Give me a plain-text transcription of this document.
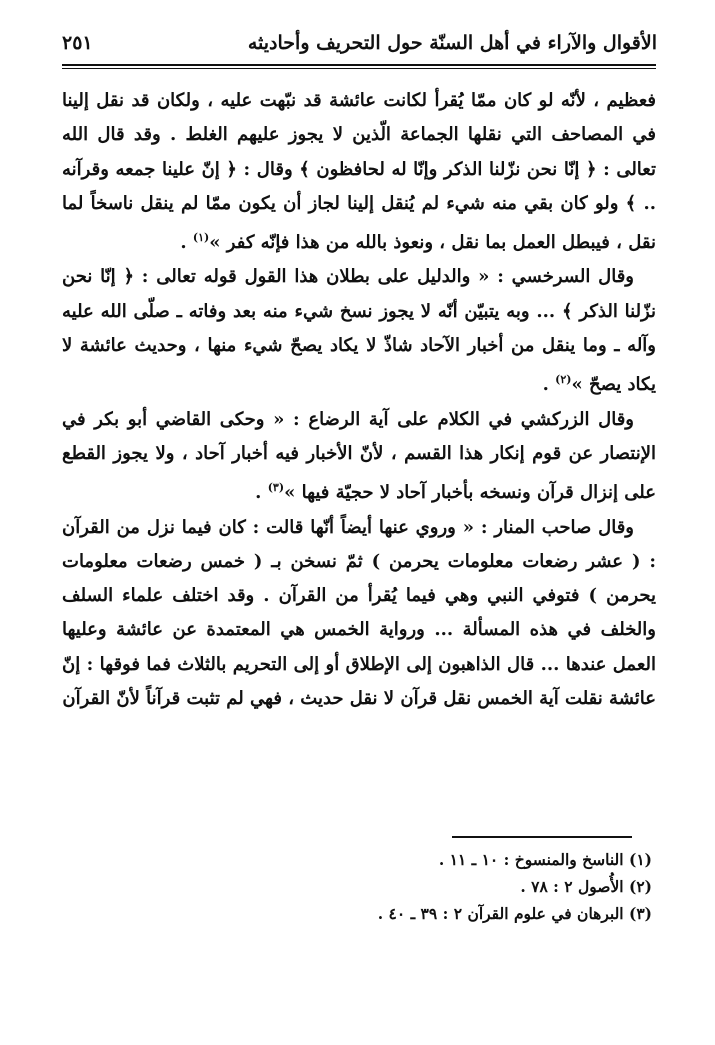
الأقوال والآراء في أهل السنّة حول التحريف وأحاديثه
٢٥١

فعظيم ، لأنّه لو كان ممّا يُقرأ لكانت عائشة قد نبّهت عليه ، ولكان قد نقل إلينا في المصاحف التي نقلها الجماعة الّذين لا يجوز عليهم الغلط . وقد قال الله تعالى : ﴿ إنّا نحن نزّلنا الذكر وإنّا له لحافظون ﴾ وقال : ﴿ إنّ علينا جمعه وقرآنه .. ﴾ ولو كان بقي منه شيء لم يُنقل إلينا لجاز أن يكون ممّا لم ينقل ناسخاً لما نقل ، فيبطل العمل بما نقل ، ونعوذ بالله من هذا فإنّه كفر »$^{(١)}$ .

وقال السرخسي : « والدليل على بطلان هذا القول قوله تعالى : ﴿ إنّا نحن نزّلنا الذكر ﴾ ... وبه يتبيّن أنّه لا يجوز نسخ شيء منه بعد وفاته ـ صلّى الله عليه وآله ـ وما ينقل من أخبار الآحاد شاذّ لا يكاد يصحّ شيء منها ، وحديث عائشة لا يكاد يصحّ »$^{(٢)}$ .

وقال الزركشي في الكلام على آية الرضاع : « وحكى القاضي أبو بكر في الإنتصار عن قوم إنكار هذا القسم ، لأنّ الأخبار فيه أخبار آحاد ، ولا يجوز القطع على إنزال قرآن ونسخه بأخبار آحاد لا حجيّة فيها »$^{(٣)}$ .

وقال صاحب المنار : « وروي عنها أيضاً أنّها قالت : كان فيما نزل من القرآن : ( عشر رضعات معلومات يحرمن ) ثمّ نسخن بـ ( خمس رضعات معلومات يحرمن ) فتوفي النبي وهي فيما يُقرأ من القرآن . وقد اختلف علماء السلف والخلف في هذه المسألة ... ورواية الخمس هي المعتمدة عن عائشة وعليها العمل عندها ... قال الذاهبون إلى الإطلاق أو إلى التحريم بالثلاث فما فوقها : إنّ عائشة نقلت آية الخمس نقل قرآن لا نقل حديث ، فهي لم تثبت قرآناً لأنّ القرآن

(١) الناسخ والمنسوخ : ١٠ ـ ١١ .
(٢) الأُصول ٢ : ٧٨ .
(٣) البرهان في علوم القرآن ٢ : ٣٩ ـ ٤٠ .
